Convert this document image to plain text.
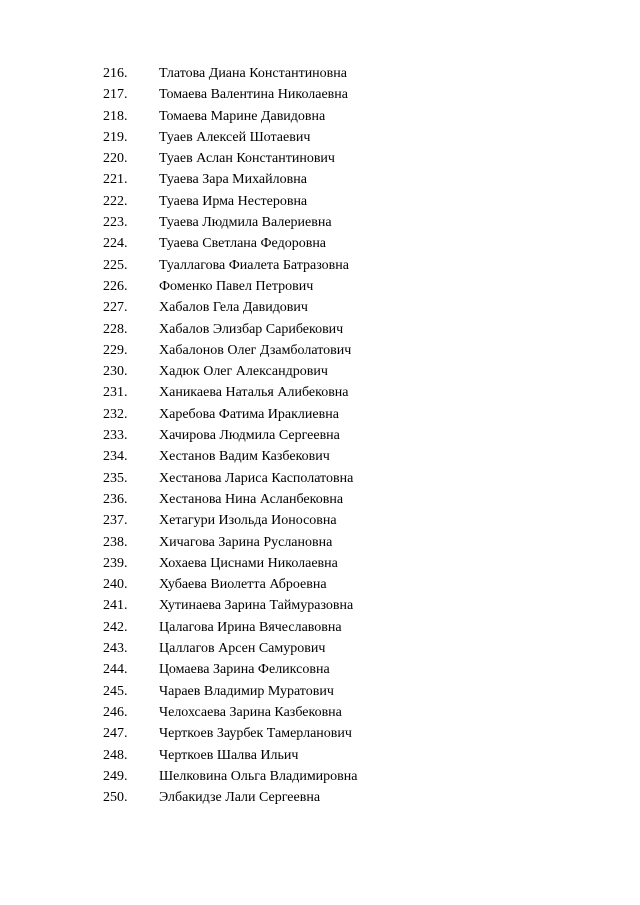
216.	Тлатова Диана Константиновна
217.	Томаева Валентина Николаевна
218.	Томаева Марине Давидовна
219.	Туаев Алексей Шотаевич
220.	Туаев Аслан Константинович
221.	Туаева Зара Михайловна
222.	Туаева Ирма Нестеровна
223.	Туаева Людмила Валериевна
224.	Туаева Светлана Федоровна
225.	Туаллагова Фиалета Батразовна
226.	Фоменко Павел Петрович
227.	Хабалов Гела Давидович
228.	Хабалов Элизбар Сарибекович
229.	Хабалонов Олег Дзамболатович
230.	Хадюк Олег Александрович
231.	Ханикаева Наталья Алибековна
232.	Харебова Фатима Ираклиевна
233.	Хачирова Людмила Сергеевна
234.	Хестанов Вадим Казбекович
235.	Хестанова Лариса Касполатовна
236.	Хестанова Нина Асланбековна
237.	Хетагури Изольда Ионосовна
238.	Хичагова Зарина Руслановна
239.	Хохаева Циснами Николаевна
240.	Хубаева Виолетта Аброевна
241.	Хутинаева Зарина Таймуразовна
242.	Цалагова Ирина Вячеславовна
243.	Цаллагов Арсен Самурович
244.	Цомаева Зарина Феликсовна
245.	Чараев Владимир Муратович
246.	Челохсаева Зарина Казбековна
247.	Черткоев Заурбек Тамерланович
248.	Черткоев Шалва Ильич
249.	Шелковина Ольга Владимировна
250.	Элбакидзе Лали Сергеевна
